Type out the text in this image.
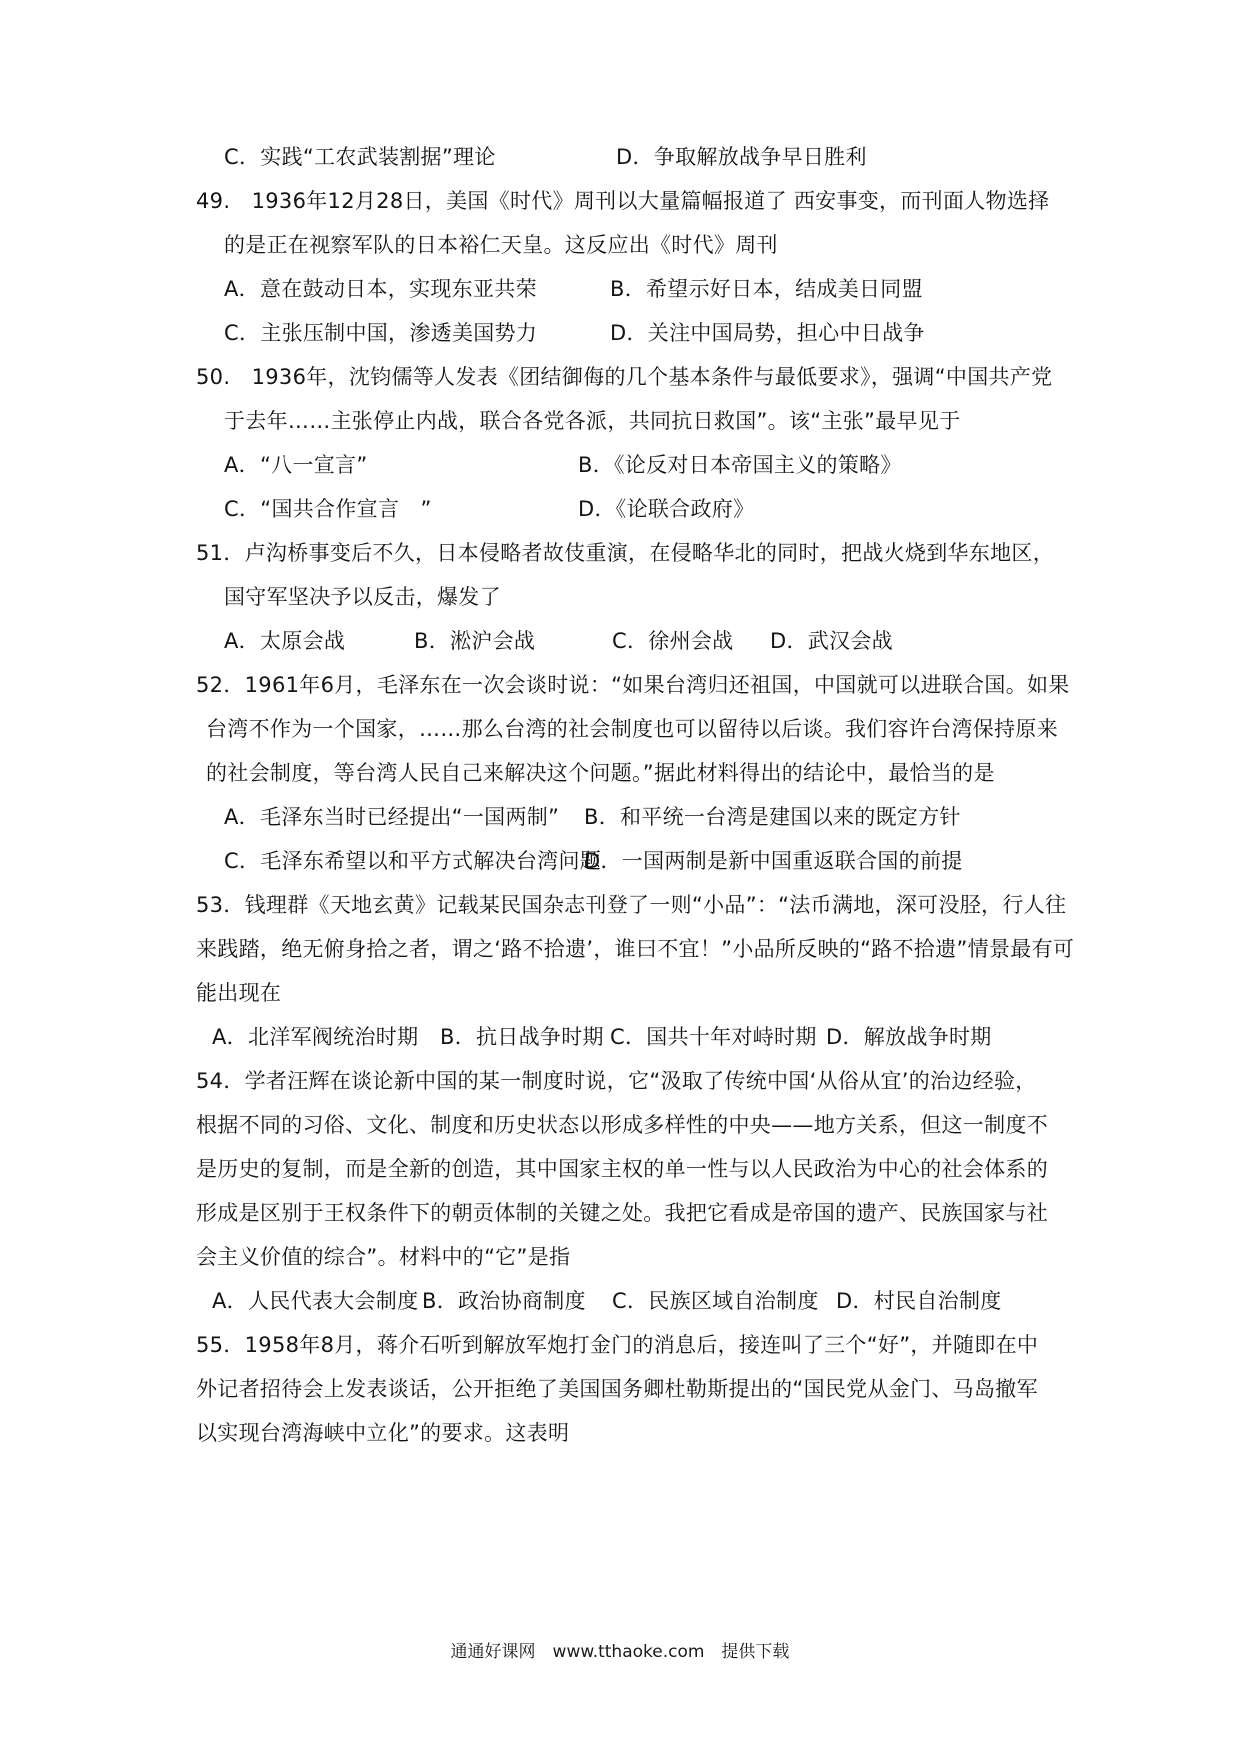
C．实践“工农武装割据”理论	D．争取解放战争早日胜利
49.　1936年12月28日，美国《时代》周刊以大量篇幅报道了 西安事变，而刊面人物选择
的是正在视察军队的日本裕仁天皇。这反应出《时代》周刊
A．意在鼓动日本，实现东亚共荣	B．希望示好日本，结成美日同盟
C．主张压制中国，渗透美国势力	D．关注中国局势，担心中日战争
50.　1936年，沈钧儒等人发表《团结御侮的几个基本条件与最低要求》，强调“中国共产党
于去年……主张停止内战，联合各党各派，共同抗日救国”。该“主张”最早见于
A．“八一宣言”	B．《论反对日本帝国主义的策略》
C．“国共合作宣言　”	D．《论联合政府》
51．卢沟桥事变后不久，日本侵略者故伎重演，在侵略华北的同时，把战火烧到华东地区，
国守军坚决予以反击，爆发了
A．太原会战	B．淞沪会战	C．徐州会战 D．武汉会战
52．1961年6月，毛泽东在一次会谈时说：“如果台湾归还祖国，中国就可以进联合国。如果
台湾不作为一个国家，……那么台湾的社会制度也可以留待以后谈。我们容许台湾保持原来
的社会制度，等台湾人民自己来解决这个问题。”据此材料得出的结论中，最恰当的是
A．毛泽东当时已经提出“一国两制” B．和平统一台湾是建国以来的既定方针
C．毛泽东希望以和平方式解决台湾问题
D．一国两制是新中国重返联合国的前提
53．钱理群《天地玄黄》记载某民国杂志刊登了一则“小品”：“法币满地，深可没胫，行人往
来践踏，绝无俯身拾之者，谓之‘路不拾遗’，谁曰不宜！”小品所反映的“路不拾遗”情景最有可
能出现在
A．北洋军阀统治时期 B．抗日战争时期 C．国共十年对峙时期 D．解放战争时期
54．学者汪辉在谈论新中国的某一制度时说，它“汲取了传统中国‘从俗从宜’的治边经验，
根据不同的习俗、文化、制度和历史状态以形成多样性的中央——地方关系，但这一制度不
是历史的复制，而是全新的创造，其中国家主权的单一性与以人民政治为中心的社会体系的
形成是区别于王权条件下的朝贡体制的关键之处。我把它看成是帝国的遗产、民族国家与社
会主义价值的综合”。材料中的“它”是指
A．人民代表大会制度 B．政治协商制度 C．民族区域自治制度 D．村民自治制度
55．1958年8月，蒋介石听到解放军炮打金门的消息后，接连叫了三个“好”，并随即在中
外记者招待会上发表谈话，公开拒绝了美国国务卿杜勒斯提出的“国民党从金门、马岛撤军
以实现台湾海峡中立化”的要求。这表明
通通好课网　www.tthaoke.com　提供下载
